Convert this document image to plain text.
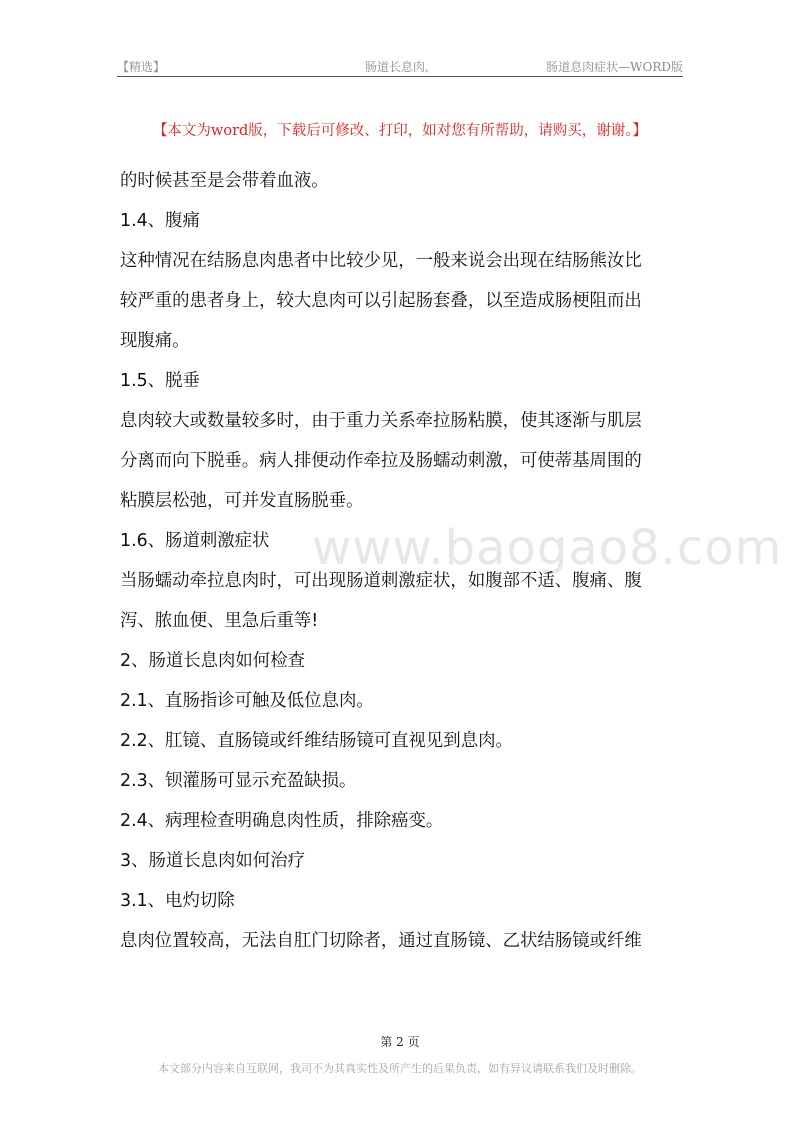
【精选】	肠道长息肉,	肠道息肉症状—WORD版
【本文为word版，下载后可修改、打印，如对您有所帮助，请购买，谢谢。】
www.baogao8.com

的时候甚至是会带着血液。

1.4、腹痛

这种情况在结肠息肉患者中比较少见，一般来说会出现在结肠熊汝比

较严重的患者身上，较大息肉可以引起肠套叠，以至造成肠梗阻而出

现腹痛。

1.5、脱垂

息肉较大或数量较多时，由于重力关系牵拉肠粘膜，使其逐渐与肌层

分离而向下脱垂。病人排便动作牵拉及肠蠕动刺激，可使蒂基周围的

粘膜层松弛，可并发直肠脱垂。

1.6、肠道刺激症状

当肠蠕动牵拉息肉时，可出现肠道刺激症状，如腹部不适、腹痛、腹

泻、脓血便、里急后重等!

2、肠道长息肉如何检查

2.1、直肠指诊可触及低位息肉。

2.2、肛镜、直肠镜或纤维结肠镜可直视见到息肉。

2.3、钡灌肠可显示充盈缺损。

2.4、病理检查明确息肉性质，排除癌变。

3、肠道长息肉如何治疗

3.1、电灼切除

息肉位置较高，无法自肛门切除者，通过直肠镜、乙状结肠镜或纤维

第 2 页
本文部分内容来自互联网，我司不为其真实性及所产生的后果负责，如有异议请联系我们及时删除。
